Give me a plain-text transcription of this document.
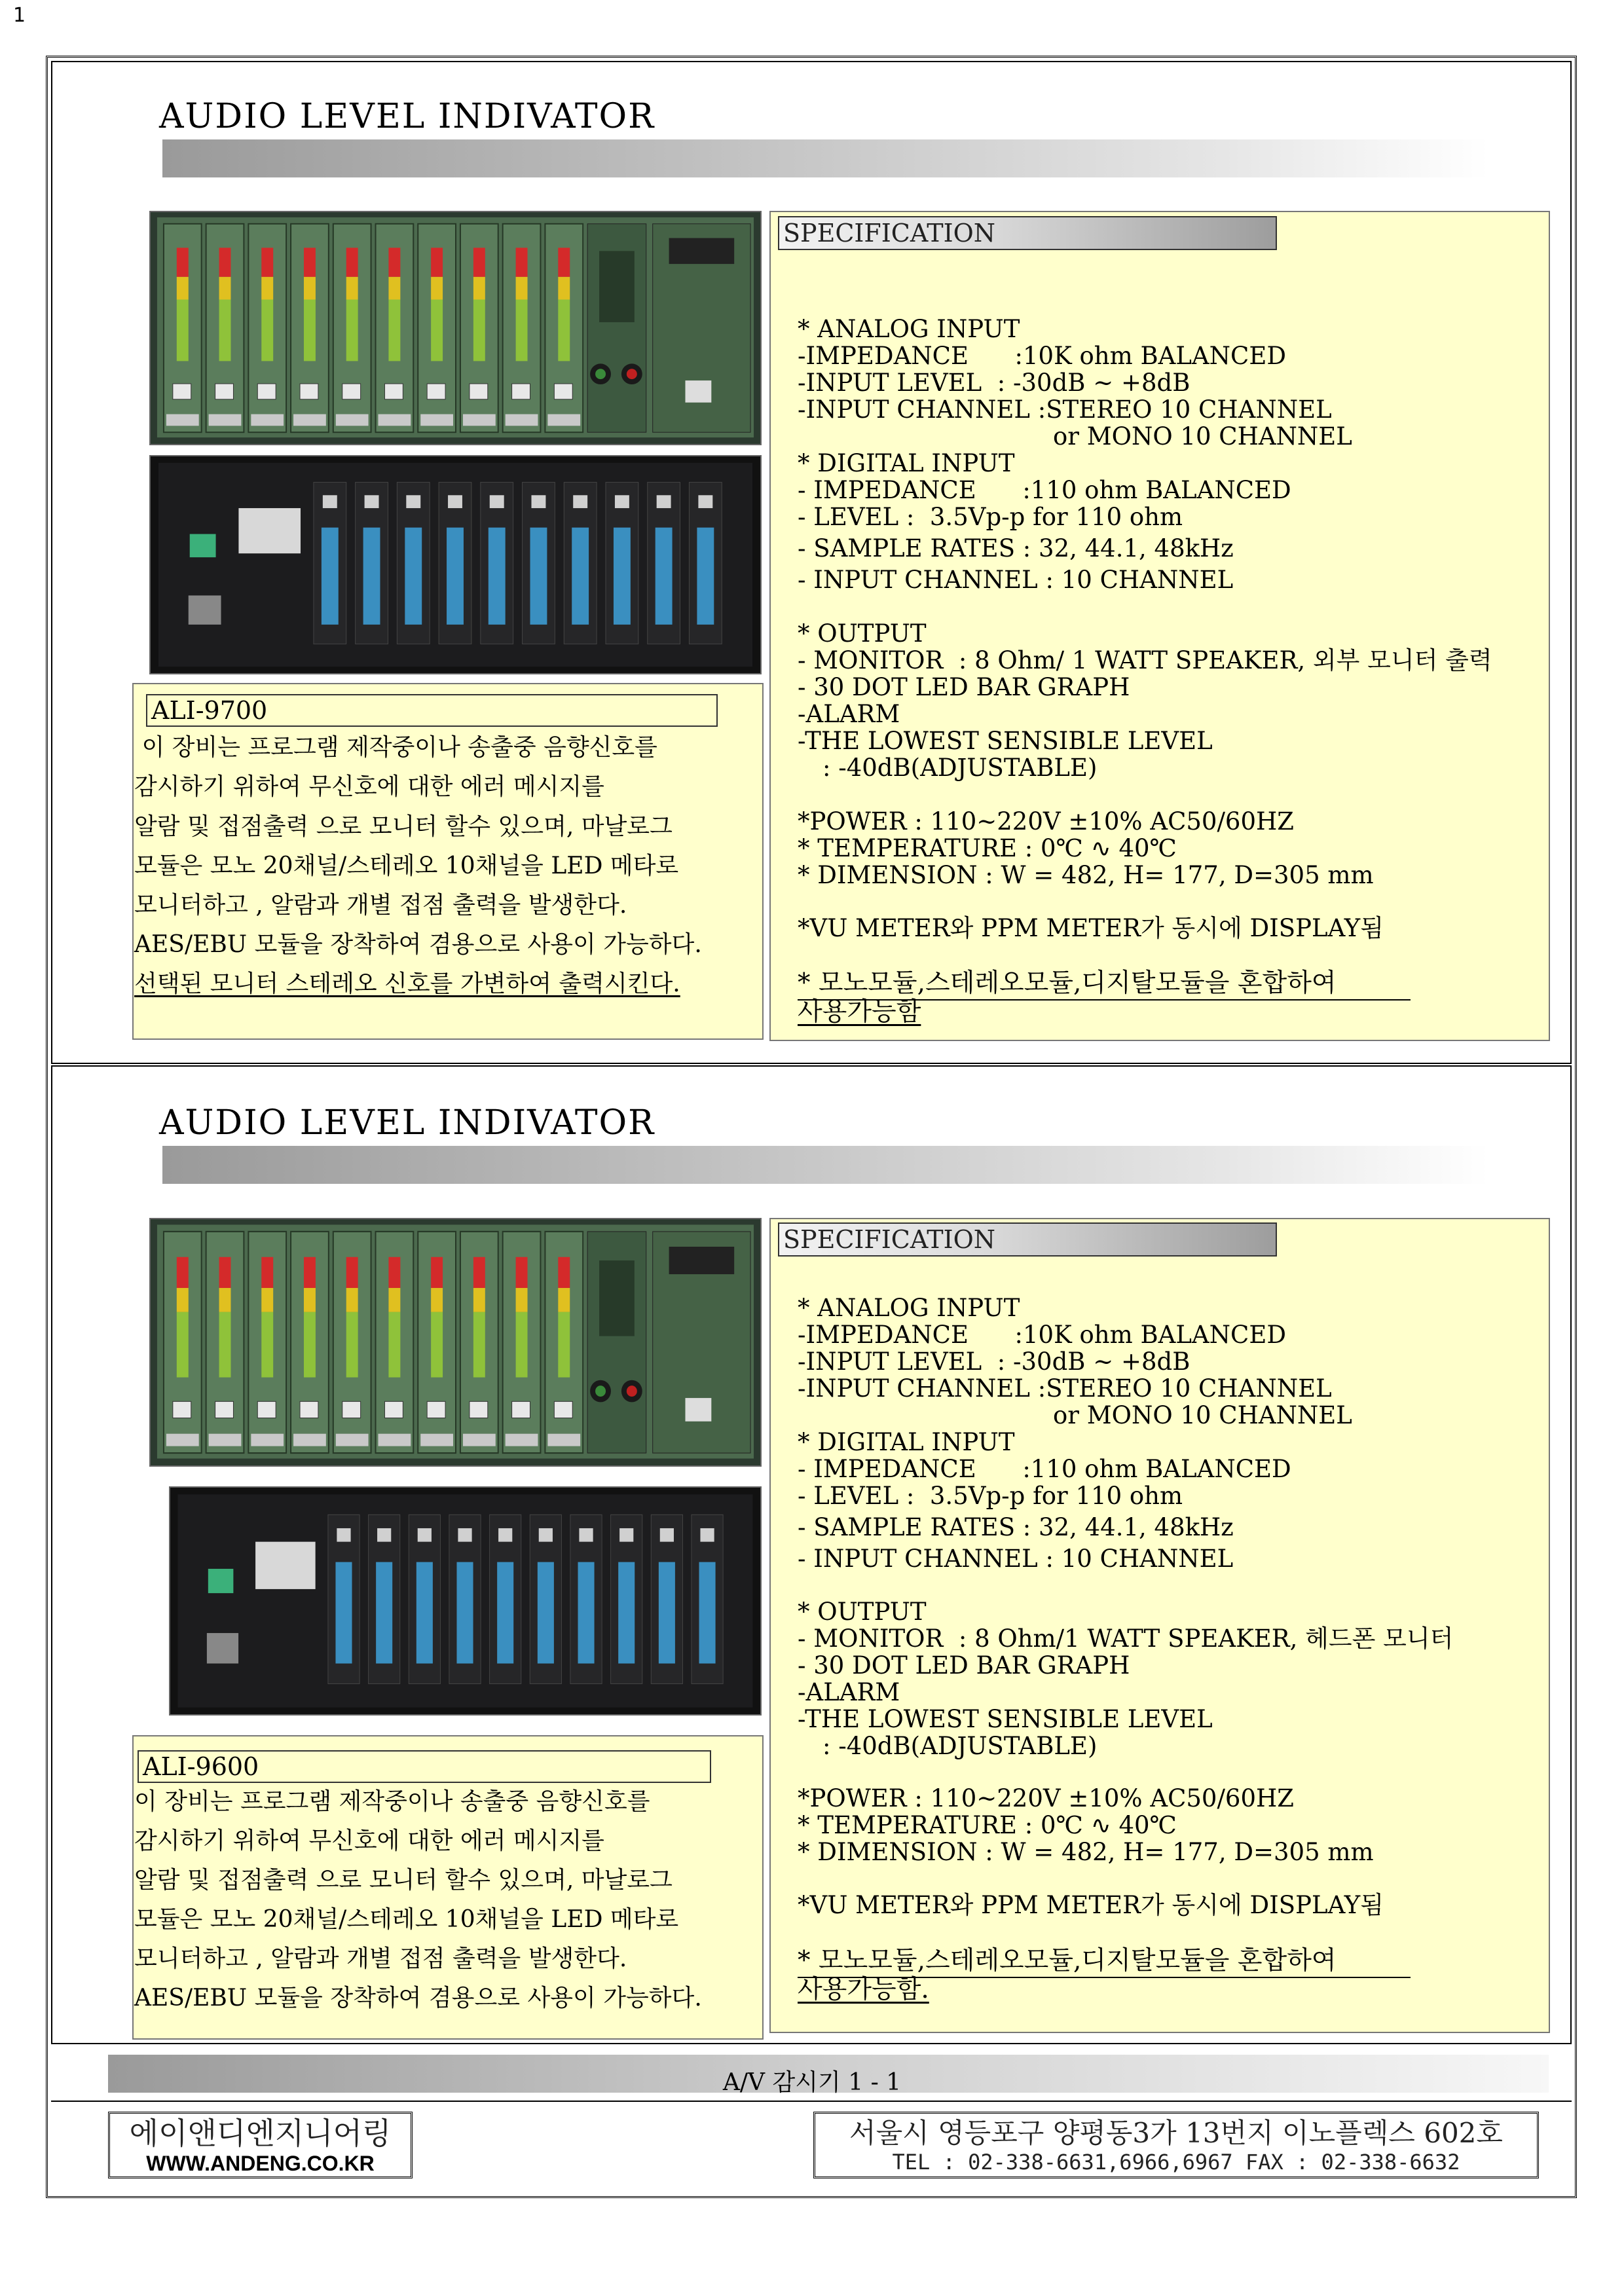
1
AUDIO LEVEL INDIVATOR
SPECIFICATION
* ANALOG INPUT
-IMPEDANCE      :10K ohm BALANCED
-INPUT LEVEL  : -30dB ~ +8dB
-INPUT CHANNEL :STEREO 10 CHANNEL
or MONO 10 CHANNEL
* DIGITAL INPUT
- IMPEDANCE      :110 ohm BALANCED
- LEVEL :  3.5Vp-p for 110 ohm
- SAMPLE RATES : 32, 44.1, 48kHz
- INPUT CHANNEL : 10 CHANNEL
* OUTPUT
- MONITOR  : 8 Ohm/ 1 WATT SPEAKER, 외부 모니터 출력
- 30 DOT LED BAR GRAPH
-ALARM
-THE LOWEST SENSIBLE LEVEL
: -40dB(ADJUSTABLE)
*POWER : 110~220V ±10% AC50/60HZ
* TEMPERATURE : 0℃ ∿ 40℃
* DIMENSION : W = 482, H= 177, D=305 mm
*VU METER와 PPM METER가 동시에 DISPLAY됨
* 모노모듈,스테레오모듈,디지탈모듈을 혼합하여
사용가능함
ALI-9700
이 장비는 프로그램 제작중이나 송출중 음향신호를
감시하기 위하여 무신호에 대한 에러 메시지를
알람 및 접점출력 으로 모니터 할수 있으며, 마날로그
모듈은 모노 20채널/스테레오 10채널을 LED 메타로
모니터하고 , 알람과 개별 접점 출력을 발생한다.
AES/EBU 모듈을 장착하여 겸용으로 사용이 가능하다.
선택된 모니터 스테레오 신호를 가변하여 출력시킨다.
AUDIO LEVEL INDIVATOR
SPECIFICATION
* ANALOG INPUT
-IMPEDANCE      :10K ohm BALANCED
-INPUT LEVEL  : -30dB ~ +8dB
-INPUT CHANNEL :STEREO 10 CHANNEL
or MONO 10 CHANNEL
* DIGITAL INPUT
- IMPEDANCE      :110 ohm BALANCED
- LEVEL :  3.5Vp-p for 110 ohm
- SAMPLE RATES : 32, 44.1, 48kHz
- INPUT CHANNEL : 10 CHANNEL
* OUTPUT
- MONITOR  : 8 Ohm/1 WATT SPEAKER, 헤드폰 모니터
- 30 DOT LED BAR GRAPH
-ALARM
-THE LOWEST SENSIBLE LEVEL
: -40dB(ADJUSTABLE)
*POWER : 110~220V ±10% AC50/60HZ
* TEMPERATURE : 0℃ ∿ 40℃
* DIMENSION : W = 482, H= 177, D=305 mm
*VU METER와 PPM METER가 동시에 DISPLAY됨
* 모노모듈,스테레오모듈,디지탈모듈을 혼합하여
사용가능함.
ALI-9600
이 장비는 프로그램 제작중이나 송출중 음향신호를
감시하기 위하여 무신호에 대한 에러 메시지를
알람 및 접점출력 으로 모니터 할수 있으며, 마날로그
모듈은 모노 20채널/스테레오 10채널을 LED 메타로
모니터하고 , 알람과 개별 접점 출력을 발생한다.
AES/EBU 모듈을 장착하여 겸용으로 사용이 가능하다.
A/V 감시기 1 - 1
에이앤디엔지니어링
WWW.ANDENG.CO.KR
서울시 영등포구 양평동3가 13번지 이노플렉스 602호
TEL : 02-338-6631,6966,6967 FAX : 02-338-6632
